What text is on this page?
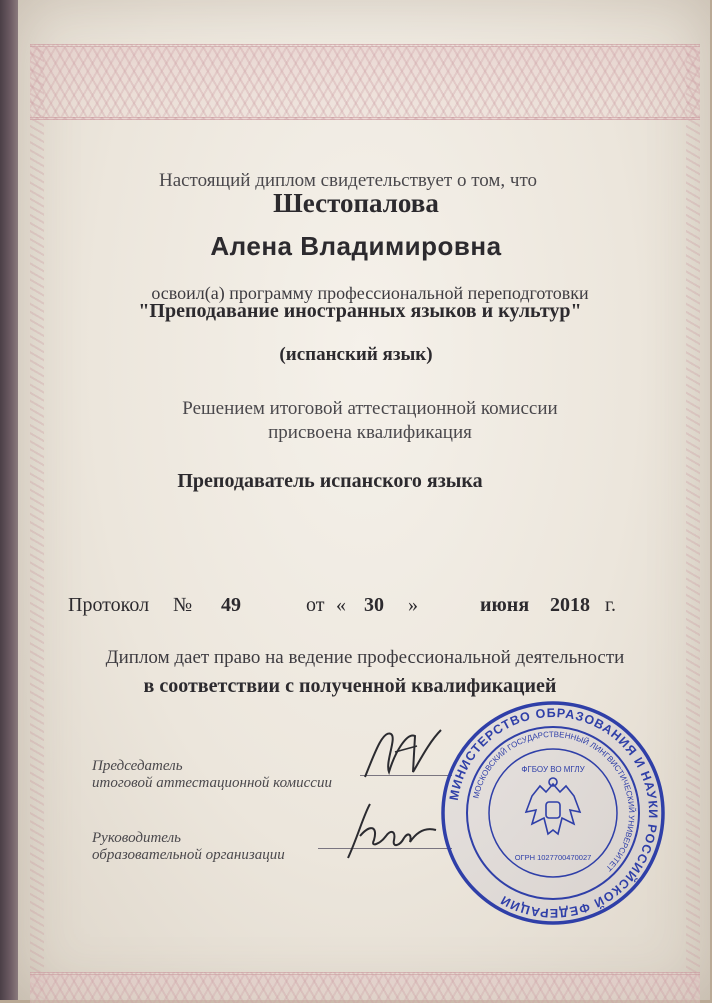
Настоящий диплом свидетельствует о том, что
Шестопалова
Алена Владимировна
освоил(а) программу профессиональной переподготовки
"Преподавание иностранных языков и культур"
(испанский язык)
Решением итоговой аттестационной комиссии
присвоена квалификация
Преподаватель испанского языка
Протокол № 49	от « 30 »	июня 2018 г.
Диплом дает право на ведение профессиональной деятельности
в соответствии с полученной квалификацией
Председатель
итоговой аттестационной комиссии
Руководитель
образовательной организации
МИНИСТЕРСТВО ОБРАЗОВАНИЯ И НАУКИ РОССИЙСКОЙ ФЕДЕРАЦИИ
МОСКОВСКИЙ ГОСУДАРСТВЕННЫЙ ЛИНГВИСТИЧЕСКИЙ УНИВЕРСИТЕТ
ФГБОУ ВО МГЛУ
ОГРН 1027700470027
